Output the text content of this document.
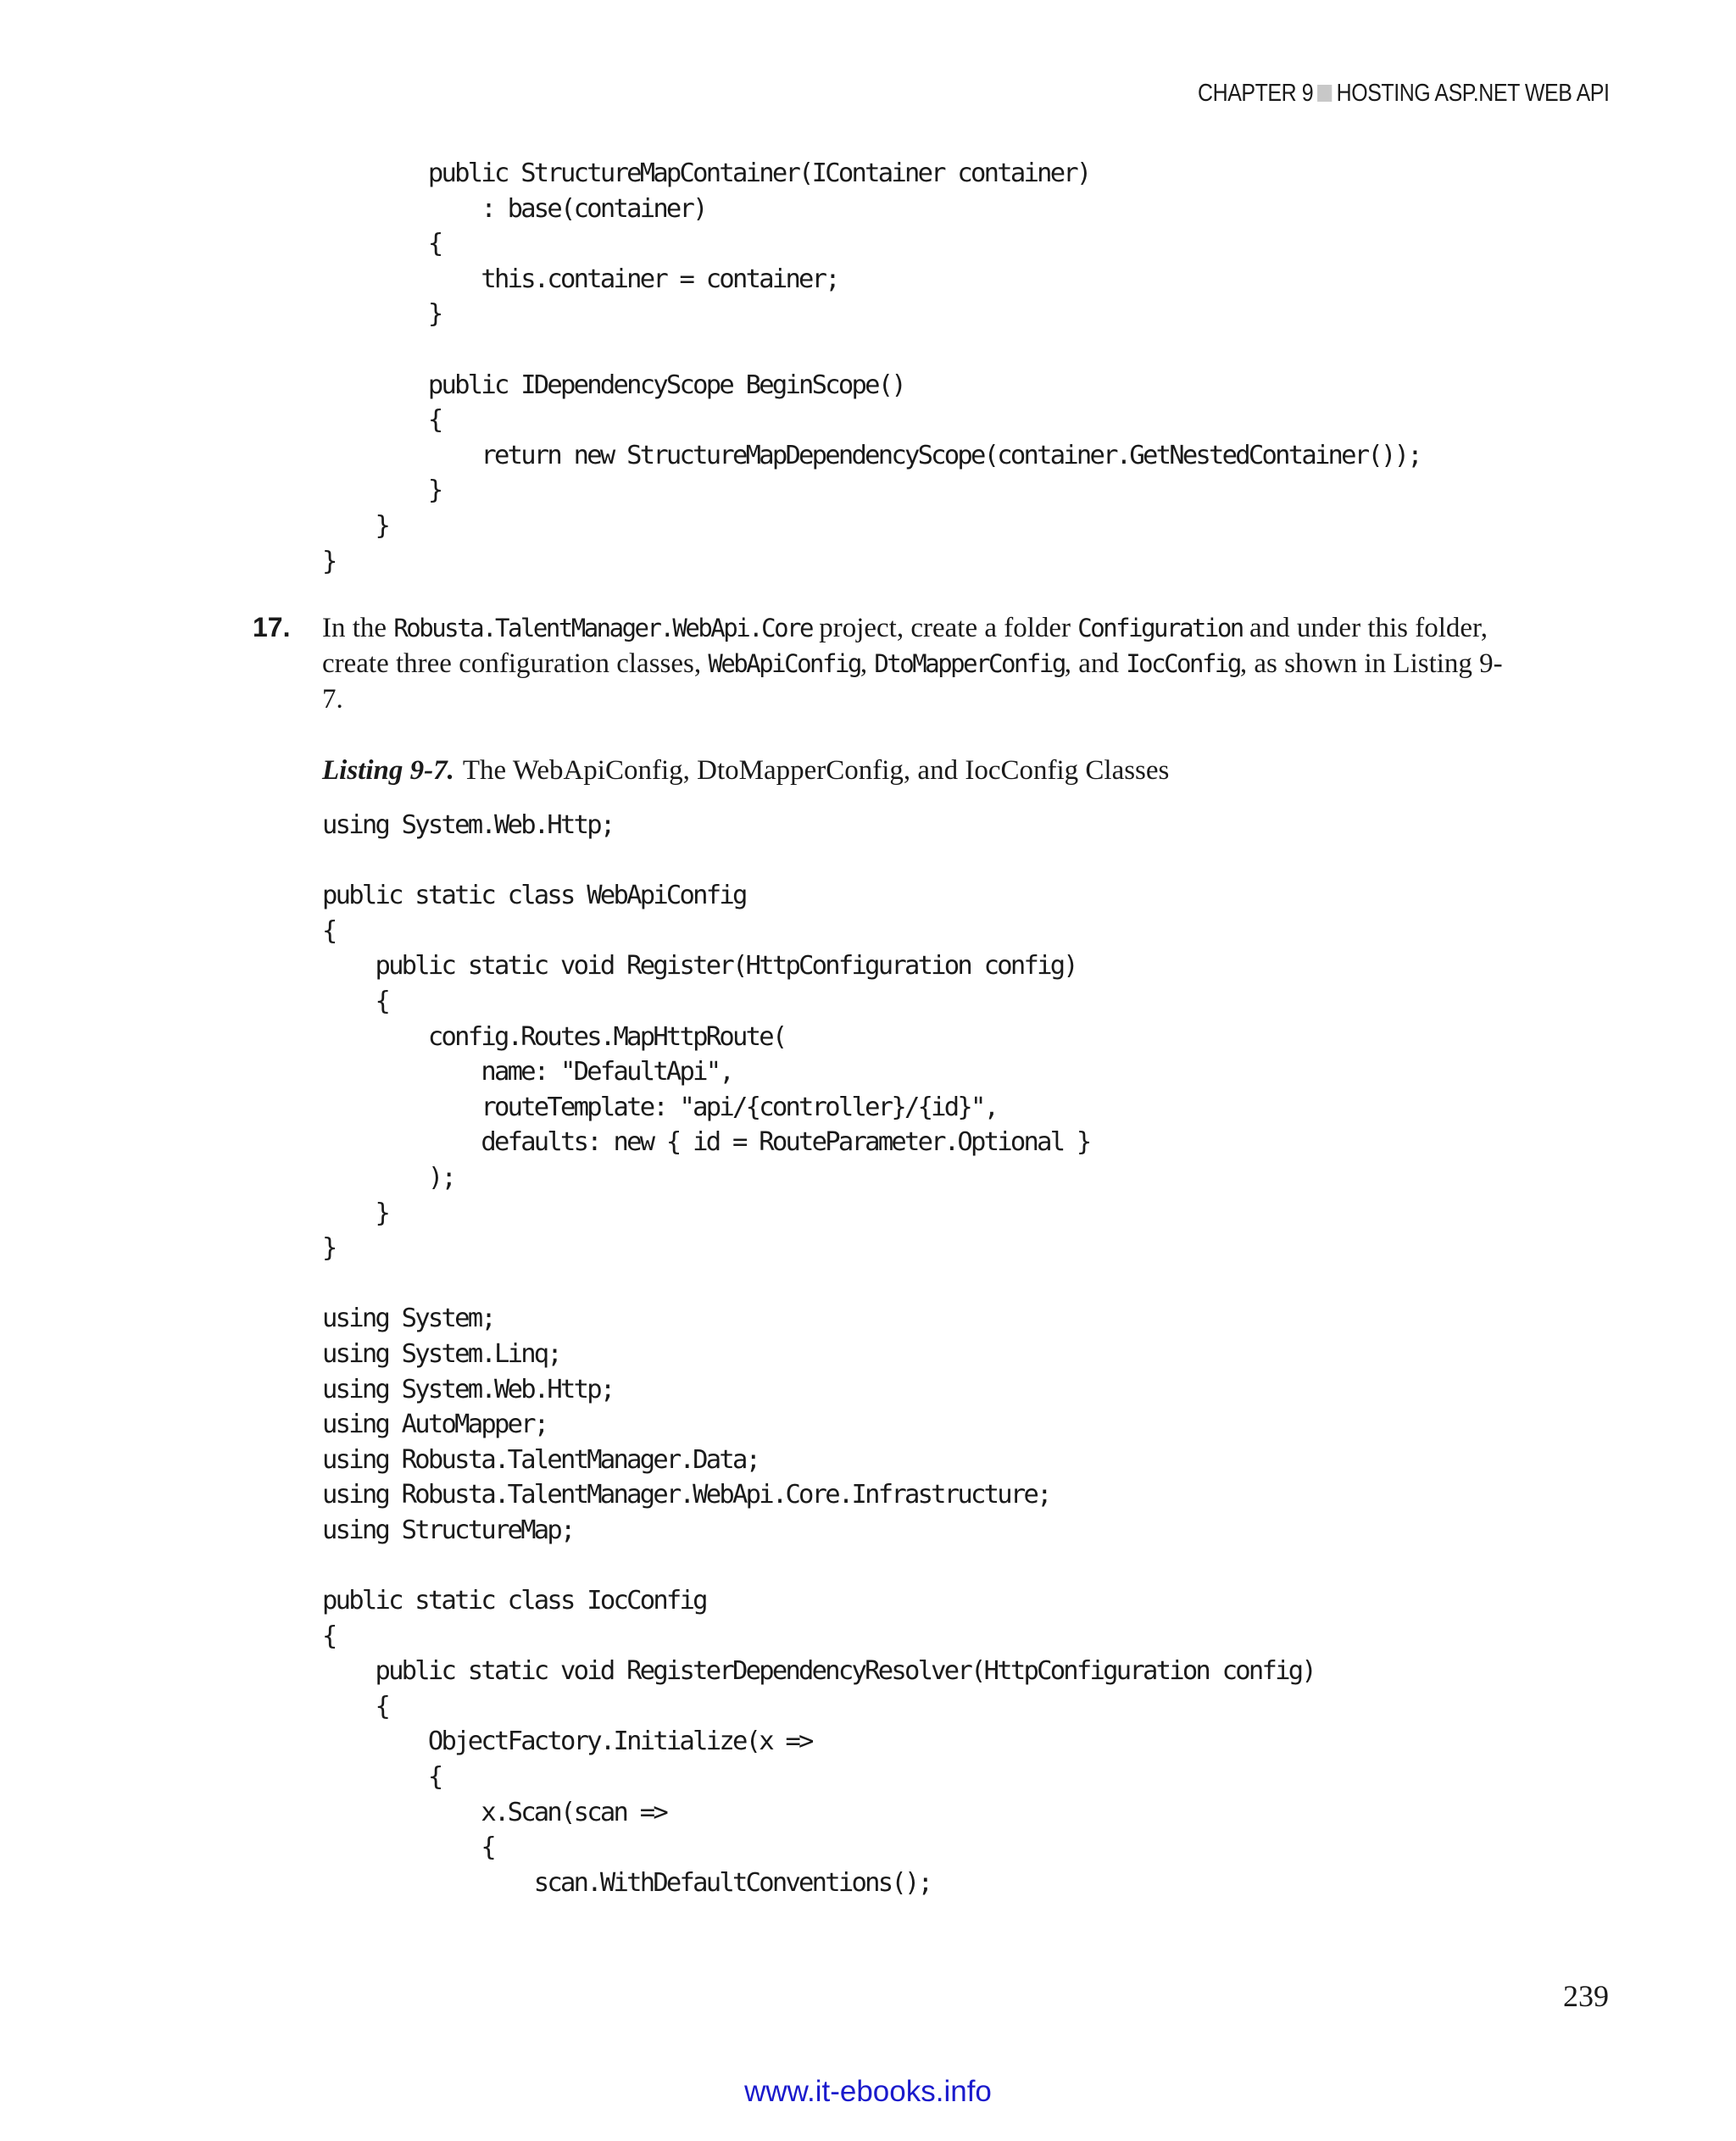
CHAPTER 9 HOSTING ASP.NET WEB API
public StructureMapContainer(IContainer container)
: base(container)
{
this.container = container;
}

public IDependencyScope BeginScope()
{
return new StructureMapDependencyScope(container.GetNestedContainer());
}
}
}
17. In the Robusta.TalentManager.WebApi.Core project, create a folder Configuration and under this folder, create three configuration classes, WebApiConfig, DtoMapperConfig, and IocConfig, as shown in Listing 9-7.
Listing 9-7. The WebApiConfig, DtoMapperConfig, and IocConfig Classes
using System.Web.Http;

public static class WebApiConfig
{
public static void Register(HttpConfiguration config)
{
config.Routes.MapHttpRoute(
name: "DefaultApi",
routeTemplate: "api/{controller}/{id}",
defaults: new { id = RouteParameter.Optional }
);
}
}

using System;
using System.Linq;
using System.Web.Http;
using AutoMapper;
using Robusta.TalentManager.Data;
using Robusta.TalentManager.WebApi.Core.Infrastructure;
using StructureMap;

public static class IocConfig
{
public static void RegisterDependencyResolver(HttpConfiguration config)
{
ObjectFactory.Initialize(x =>
{
x.Scan(scan =>
{
scan.WithDefaultConventions();
239
www.it-ebooks.info
